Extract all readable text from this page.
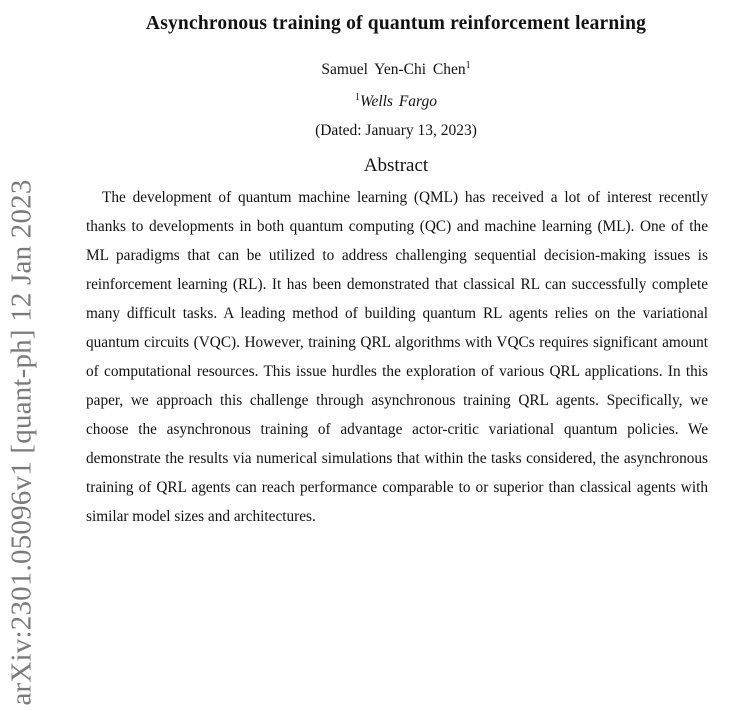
arXiv:2301.05096v1 [quant-ph] 12 Jan 2023
Asynchronous training of quantum reinforcement learning
Samuel Yen-Chi Chen$^1$
$^1$Wells Fargo
(Dated: January 13, 2023)
Abstract

The development of quantum machine learning (QML) has received a lot of interest recently thanks to developments in both quantum computing (QC) and machine learning (ML). One of the ML paradigms that can be utilized to address challenging sequential decision-making issues is reinforcement learning (RL). It has been demonstrated that classical RL can successfully complete many difficult tasks. A leading method of building quantum RL agents relies on the variational quantum circuits (VQC). However, training QRL algorithms with VQCs requires significant amount of computational resources. This issue hurdles the exploration of various QRL applications. In this paper, we approach this challenge through asynchronous training QRL agents. Specifically, we choose the asynchronous training of advantage actor-critic variational quantum policies. We demonstrate the results via numerical simulations that within the tasks considered, the asynchronous training of QRL agents can reach performance comparable to or superior than classical agents with similar model sizes and architectures.
